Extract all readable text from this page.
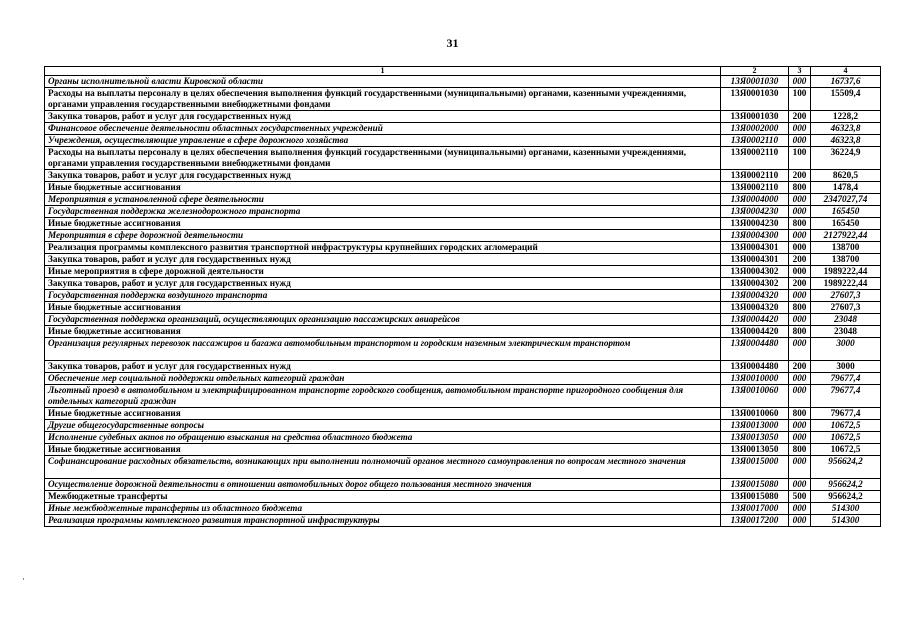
31
·
1	2	3	4
Органы исполнительной власти Кировской области	13Я0001030	000	16737,6
Расходы на выплаты персоналу в целях обеспечения выполнения функций государственными (муниципальными) органами, казенными учреждениями, органами управления государственными внебюджетными фондами	13Я0001030	100	15509,4
Закупка товаров, работ и услуг для государственных нужд	13Я0001030	200	1228,2
Финансовое обеспечение деятельности областных государственных учреждений	13Я0002000	000	46323,8
Учреждения, осуществляющие управление в сфере дорожного хозяйства	13Я0002110	000	46323,8
Расходы на выплаты персоналу в целях обеспечения выполнения функций государственными (муниципальными) органами, казенными учреждениями, органами управления государственными внебюджетными фондами	13Я0002110	100	36224,9
Закупка товаров, работ и услуг для государственных нужд	13Я0002110	200	8620,5
Иные бюджетные ассигнования	13Я0002110	800	1478,4
Мероприятия в установленной сфере деятельности	13Я0004000	000	2347027,74
Государственная поддержка железнодорожного транспорта	13Я0004230	000	165450
Иные бюджетные ассигнования	13Я0004230	800	165450
Мероприятия в сфере дорожной деятельности	13Я0004300	000	2127922,44
Реализация программы комплексного развития транспортной инфраструктуры крупнейших городских агломераций	13Я0004301	000	138700
Закупка товаров, работ и услуг для государственных нужд	13Я0004301	200	138700
Иные мероприятия в сфере дорожной деятельности	13Я0004302	000	1989222,44
Закупка товаров, работ и услуг для государственных нужд	13Я0004302	200	1989222,44
Государственная поддержка воздушного транспорта	13Я0004320	000	27607,3
Иные бюджетные ассигнования	13Я0004320	800	27607,3
Государственная поддержка организаций, осуществляющих организацию пассажирских авиарейсов	13Я0004420	000	23048
Иные бюджетные ассигнования	13Я0004420	800	23048
Организация регулярных перевозок пассажиров и багажа автомобильным транспортом и городским наземным электрическим транспортом	13Я0004480	000	3000
Закупка товаров, работ и услуг для государственных нужд	13Я0004480	200	3000
Обеспечение мер социальной поддержки отдельных категорий граждан	13Я0010000	000	79677,4
Льготный проезд в автомобильном и электрифицированном транспорте городского сообщения, автомобильном транспорте пригородного сообщения для отдельных категорий граждан	13Я0010060	000	79677,4
Иные бюджетные ассигнования	13Я0010060	800	79677,4
Другие общегосударственные вопросы	13Я0013000	000	10672,5
Исполнение судебных актов по обращению взыскания на средства областного бюджета	13Я0013050	000	10672,5
Иные бюджетные ассигнования	13Я0013050	800	10672,5
Софинансирование расходных обязательств, возникающих при выполнении полномочий органов местного самоуправления по вопросам местного значения	13Я0015000	000	956624,2
Осуществление дорожной деятельности в отношении автомобильных дорог общего пользования местного значения	13Я0015080	000	956624,2
Межбюджетные трансферты	13Я0015080	500	956624,2
Иные межбюджетные трансферты из областного бюджета	13Я0017000	000	514300
Реализация программы комплексного развития транспортной инфраструктуры	13Я0017200	000	514300
